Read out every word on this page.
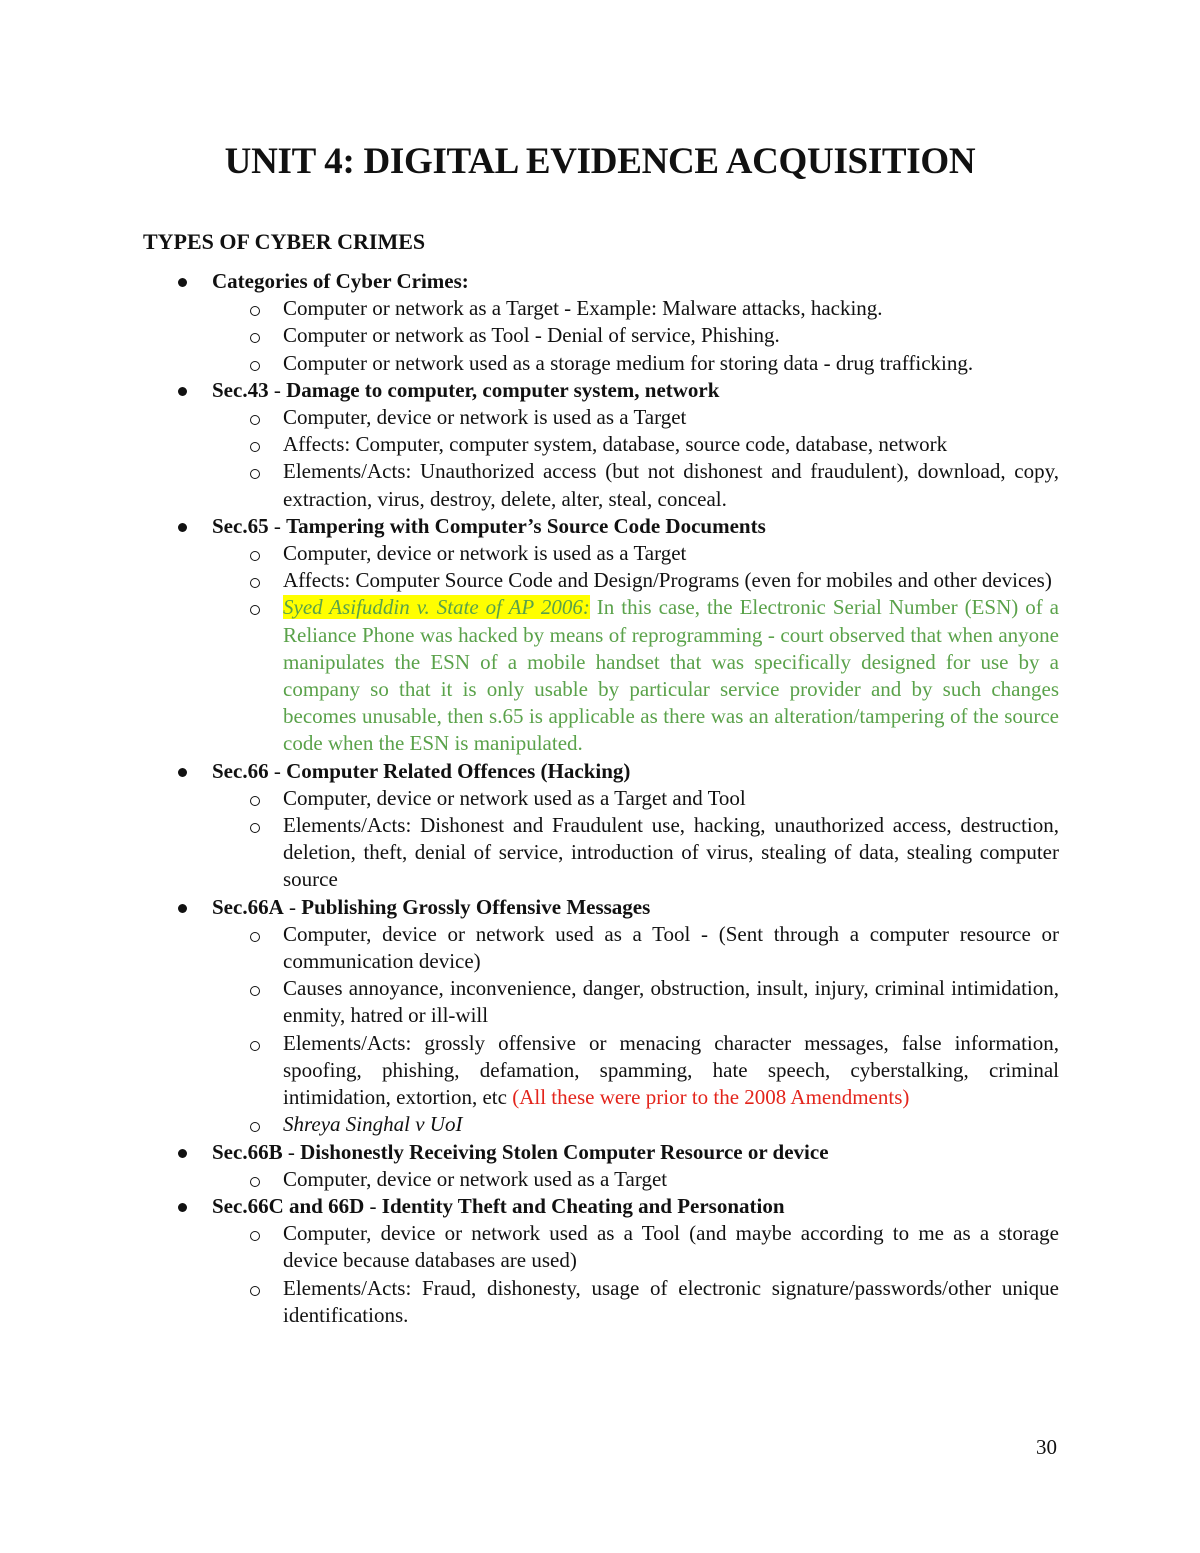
UNIT 4: DIGITAL EVIDENCE ACQUISITION
TYPES OF CYBER CRIMES
Categories of Cyber Crimes:
Computer or network as a Target - Example: Malware attacks, hacking.
Computer or network as Tool - Denial of service, Phishing.
Computer or network used as a storage medium for storing data - drug trafficking.
Sec.43 - Damage to computer, computer system, network
Computer, device or network is used as a Target
Affects: Computer, computer system, database, source code, database, network
Elements/Acts: Unauthorized access (but not dishonest and fraudulent), download, copy, extraction, virus, destroy, delete, alter, steal, conceal.
Sec.65 - Tampering with Computer’s Source Code Documents
Computer, device or network is used as a Target
Affects: Computer Source Code and Design/Programs (even for mobiles and other devices)
Syed Asifuddin v. State of AP 2006: In this case, the Electronic Serial Number (ESN) of a Reliance Phone was hacked by means of reprogramming - court observed that when anyone manipulates the ESN of a mobile handset that was specifically designed for use by a company so that it is only usable by particular service provider and by such changes becomes unusable, then s.65 is applicable as there was an alteration/tampering of the source code when the ESN is manipulated.
Sec.66 - Computer Related Offences (Hacking)
Computer, device or network used as a Target and Tool
Elements/Acts: Dishonest and Fraudulent use, hacking, unauthorized access, destruction, deletion, theft, denial of service, introduction of virus, stealing of data, stealing computer source
Sec.66A - Publishing Grossly Offensive Messages
Computer, device or network used as a Tool - (Sent through a computer resource or communication device)
Causes annoyance, inconvenience, danger, obstruction, insult, injury, criminal intimidation, enmity, hatred or ill-will
Elements/Acts: grossly offensive or menacing character messages, false information, spoofing, phishing, defamation, spamming, hate speech, cyberstalking, criminal intimidation, extortion, etc (All these were prior to the 2008 Amendments)
Shreya Singhal v UoI
Sec.66B - Dishonestly Receiving Stolen Computer Resource or device
Computer, device or network used as a Target
Sec.66C and 66D - Identity Theft and Cheating and Personation
Computer, device or network used as a Tool (and maybe according to me as a storage device because databases are used)
Elements/Acts: Fraud, dishonesty, usage of electronic signature/passwords/other unique identifications.
30
